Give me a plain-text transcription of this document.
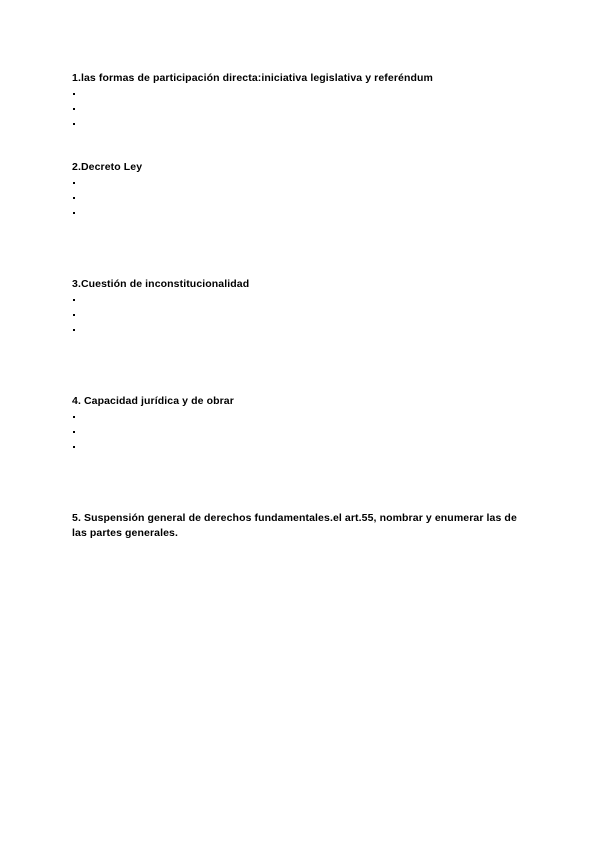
1.las formas de participación directa:iniciativa legislativa y referéndum

2.Decreto Ley

3.Cuestión de inconstitucionalidad

4. Capacidad jurídica y de obrar

5. Suspensión general de derechos fundamentales.el art.55, nombrar y enumerar las de las partes generales.
